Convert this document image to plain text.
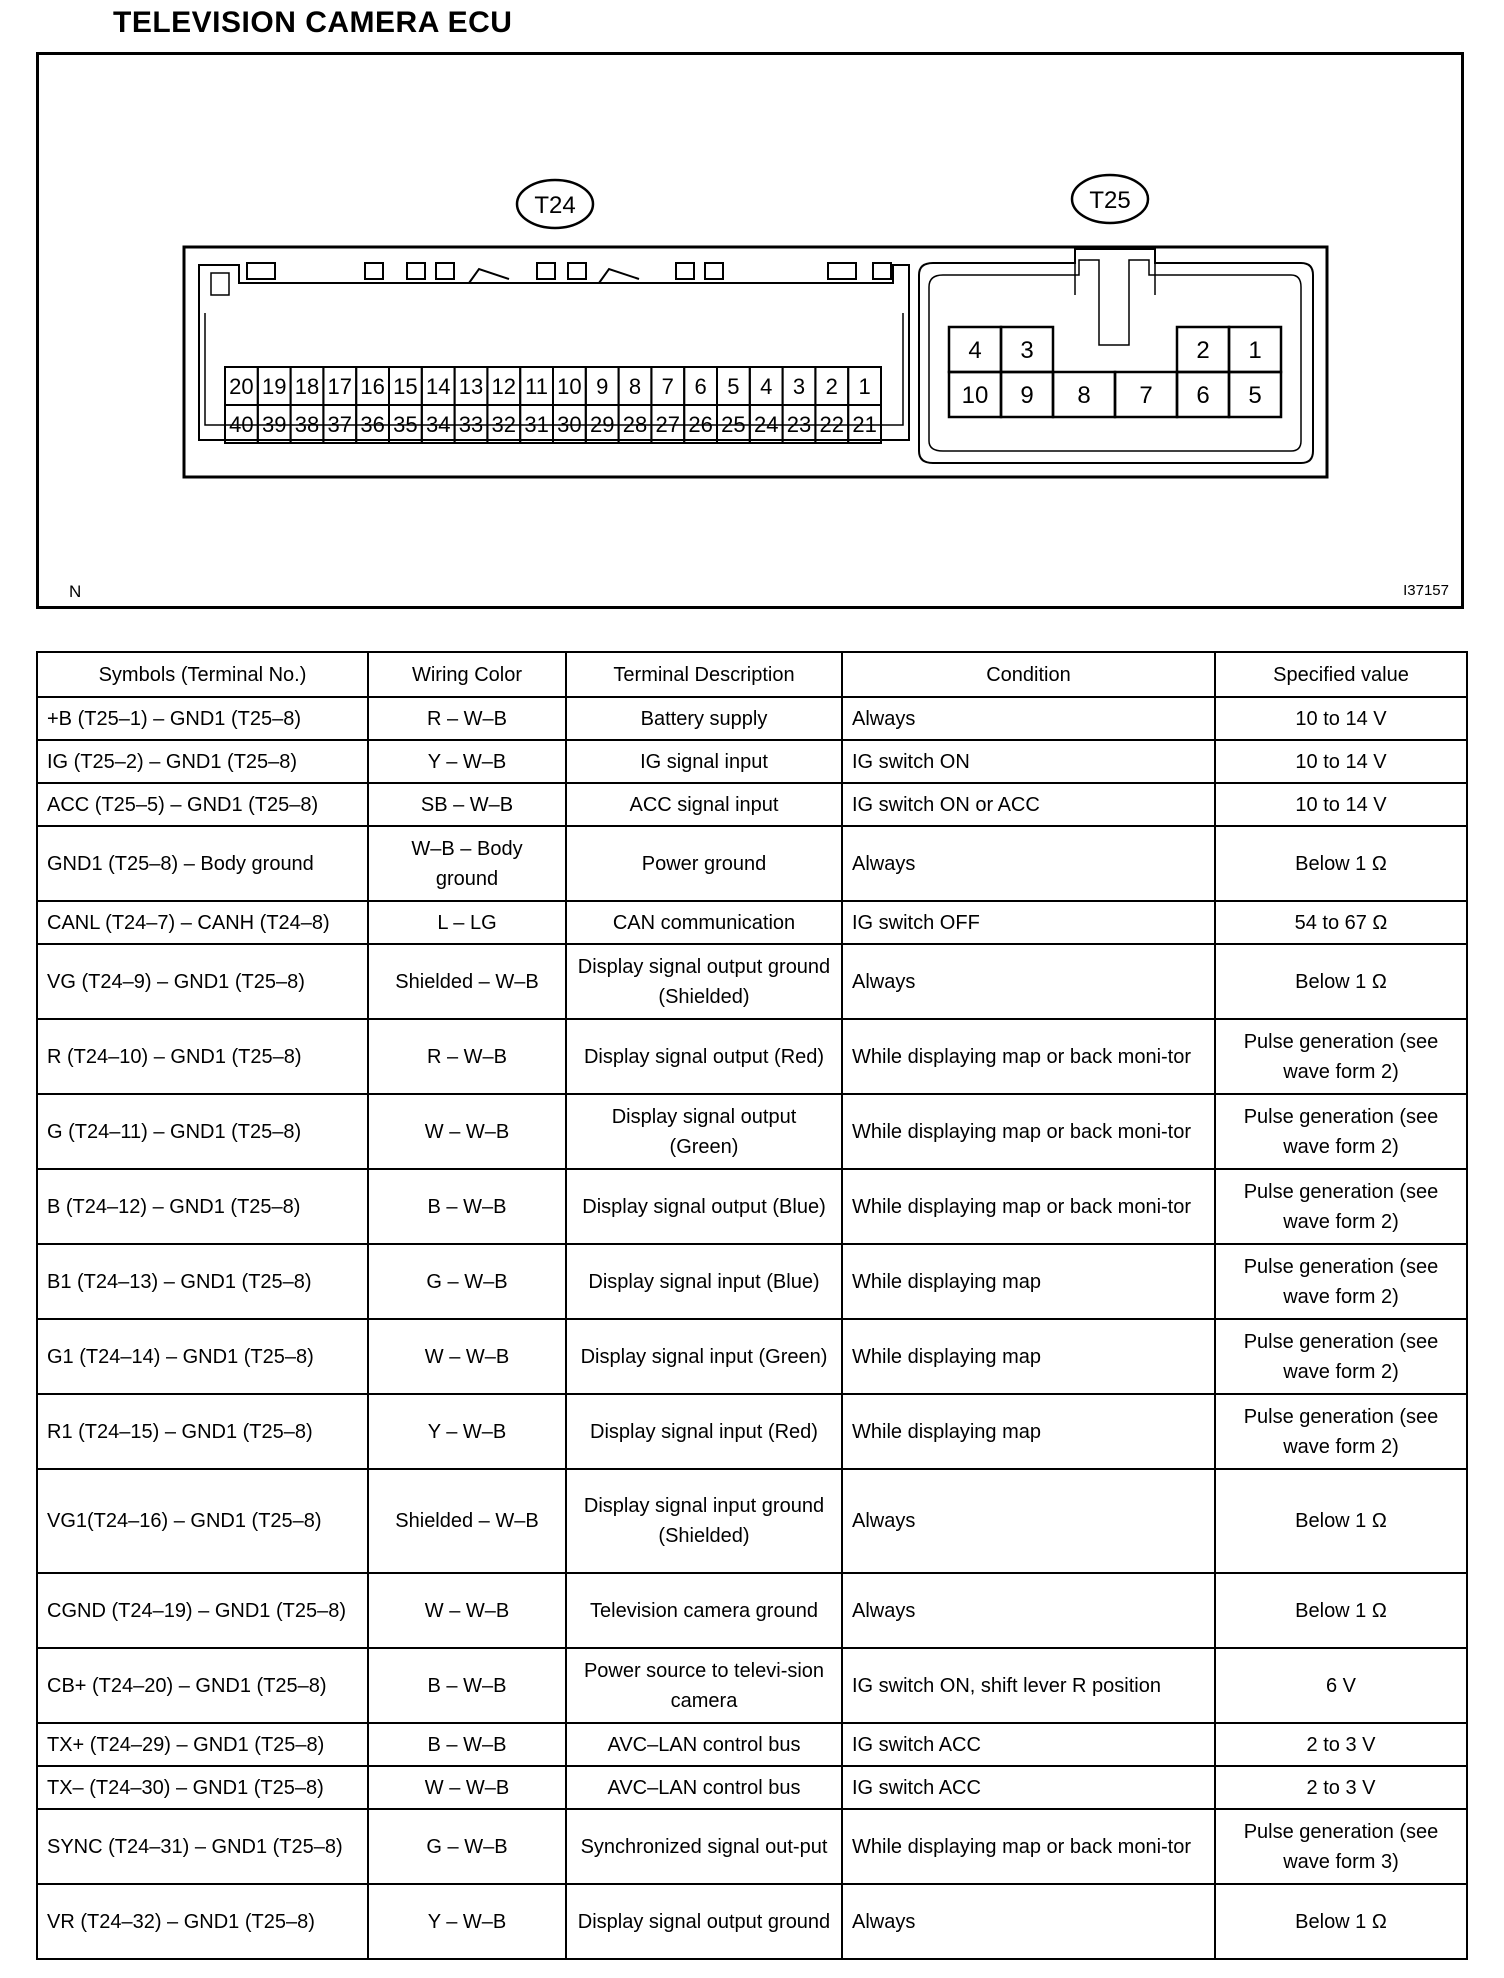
TELEVISION CAMERA ECU
T24	T25
20 19 18 17 16 15 14 13 12 11 10 9 8 7 6 5 4 3 2 1
40 39 38 37 36 35 34 33 32 31 30 29 28 27 26 25 24 23 22 21
4 3	2 1
10 9 8 7 6 5
N	I37157
Symbols (Terminal No.)	Wiring Color	Terminal Description	Condition	Specified value
+B (T25–1) – GND1 (T25–8)	R – W–B	Battery supply	Always	10 to 14 V
IG (T25–2) – GND1 (T25–8)	Y – W–B	IG signal input	IG switch ON	10 to 14 V
ACC (T25–5) – GND1 (T25–8)	SB – W–B	ACC signal input	IG switch ON or ACC	10 to 14 V
GND1 (T25–8) – Body ground	W–B – Body ground	Power ground	Always	Below 1 Ω
CANL (T24–7) – CANH (T24–8)	L – LG	CAN communication	IG switch OFF	54 to 67 Ω
VG (T24–9) – GND1 (T25–8)	Shielded – W–B	Display signal output ground (Shielded)	Always	Below 1 Ω
R (T24–10) – GND1 (T25–8)	R – W–B	Display signal output (Red)	While displaying map or back moni-tor	Pulse generation (see wave form 2)
G (T24–11) – GND1 (T25–8)	W – W–B	Display signal output (Green)	While displaying map or back moni-tor	Pulse generation (see wave form 2)
B (T24–12) – GND1 (T25–8)	B – W–B	Display signal output (Blue)	While displaying map or back moni-tor	Pulse generation (see wave form 2)
B1 (T24–13) – GND1 (T25–8)	G – W–B	Display signal input (Blue)	While displaying map	Pulse generation (see wave form 2)
G1 (T24–14) – GND1 (T25–8)	W – W–B	Display signal input (Green)	While displaying map	Pulse generation (see wave form 2)
R1 (T24–15) – GND1 (T25–8)	Y – W–B	Display signal input (Red)	While displaying map	Pulse generation (see wave form 2)
VG1(T24–16) – GND1 (T25–8)	Shielded – W–B	Display signal input ground (Shielded)	Always	Below 1 Ω
CGND (T24–19) – GND1 (T25–8)	W – W–B	Television camera ground	Always	Below 1 Ω
CB+ (T24–20) – GND1 (T25–8)	B – W–B	Power source to televi-sion camera	IG switch ON, shift lever R position	6 V
TX+ (T24–29) – GND1 (T25–8)	B – W–B	AVC–LAN control bus	IG switch ACC	2 to 3 V
TX– (T24–30) – GND1 (T25–8)	W – W–B	AVC–LAN control bus	IG switch ACC	2 to 3 V
SYNC (T24–31) – GND1 (T25–8)	G – W–B	Synchronized signal out-put	While displaying map or back moni-tor	Pulse generation (see wave form 3)
VR (T24–32) – GND1 (T25–8)	Y – W–B	Display signal output ground	Always	Below 1 Ω
